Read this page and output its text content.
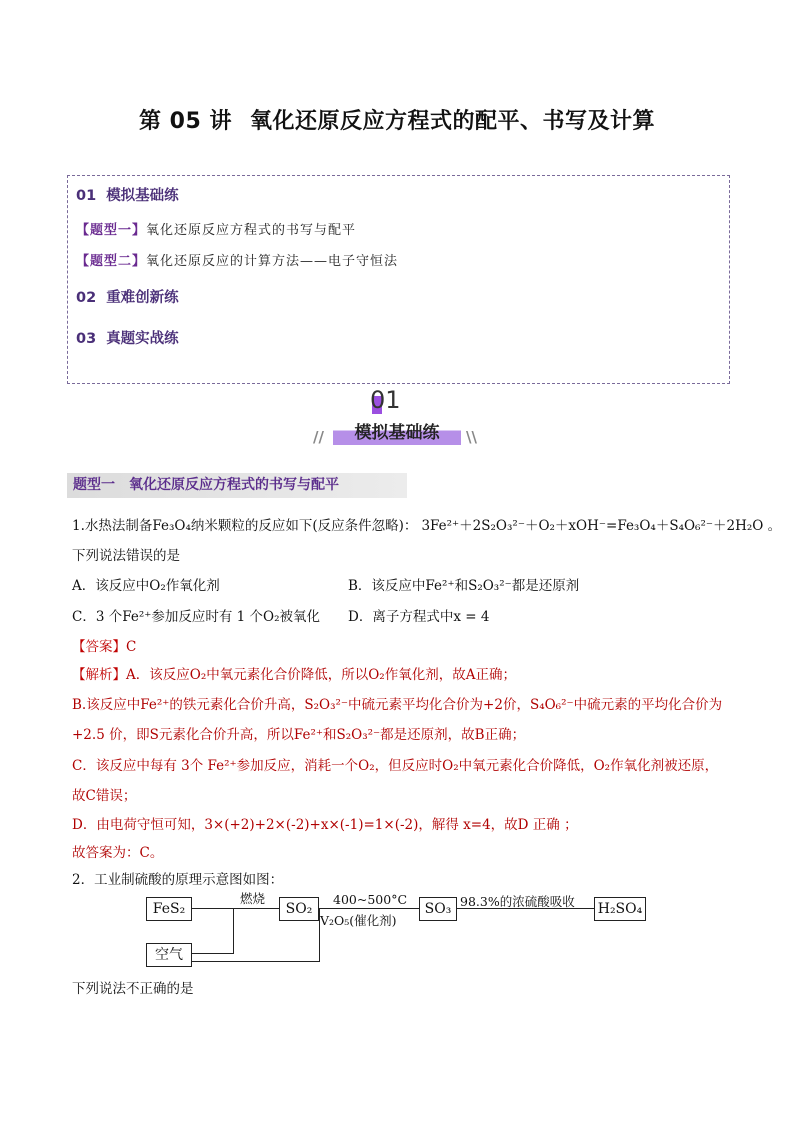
第 05 讲 氧化还原反应方程式的配平、书写及计算
01 模拟基础练
【题型一】氧化还原反应方程式的书写与配平
【题型二】氧化还原反应的计算方法——电子守恒法
02 重难创新练
03 真题实战练
01
//	模拟基础练	\\
题型一　氧化还原反应方程式的书写与配平
1.水热法制备Fe₃O₄纳米颗粒的反应如下(反应条件忽略)： 3Fe²⁺＋2S₂O₃²⁻＋O₂＋xOH⁻=Fe₃O₄＋S₄O₆²⁻＋2H₂O 。
下列说法错误的是
A．该反应中O₂作氧化剂	B．该反应中Fe²⁺和S₂O₃²⁻都是还原剂
C．3 个Fe²⁺参加反应时有 1 个O₂被氧化 D．离子方程式中x = 4
【答案】C
【解析】A．该反应O₂中氧元素化合价降低，所以O₂作氧化剂，故A正确；
B.该反应中Fe²⁺的铁元素化合价升高，S₂O₃²⁻中硫元素平均化合价为+2价，S₄O₆²⁻中硫元素的平均化合价为
+2.5 价，即S元素化合价升高，所以Fe²⁺和S₂O₃²⁻都是还原剂，故B正确；
C．该反应中每有 3个 Fe²⁺参加反应，消耗一个O₂，但反应时O₂中氧元素化合价降低，O₂作氧化剂被还原，
故C错误；
D．由电荷守恒可知，3×(+2)+2×(-2)+x×(-1)=1×(-2)，解得 x=4，故D 正确 ；
故答案为：C。
2．工业制硫酸的原理示意图如图：
FeS₂
空气
SO₂	SO₃	H₂SO₄
燃烧	400~500°C
V₂O₅(催化剂)
98.3%的浓硫酸吸收
下列说法不正确的是
